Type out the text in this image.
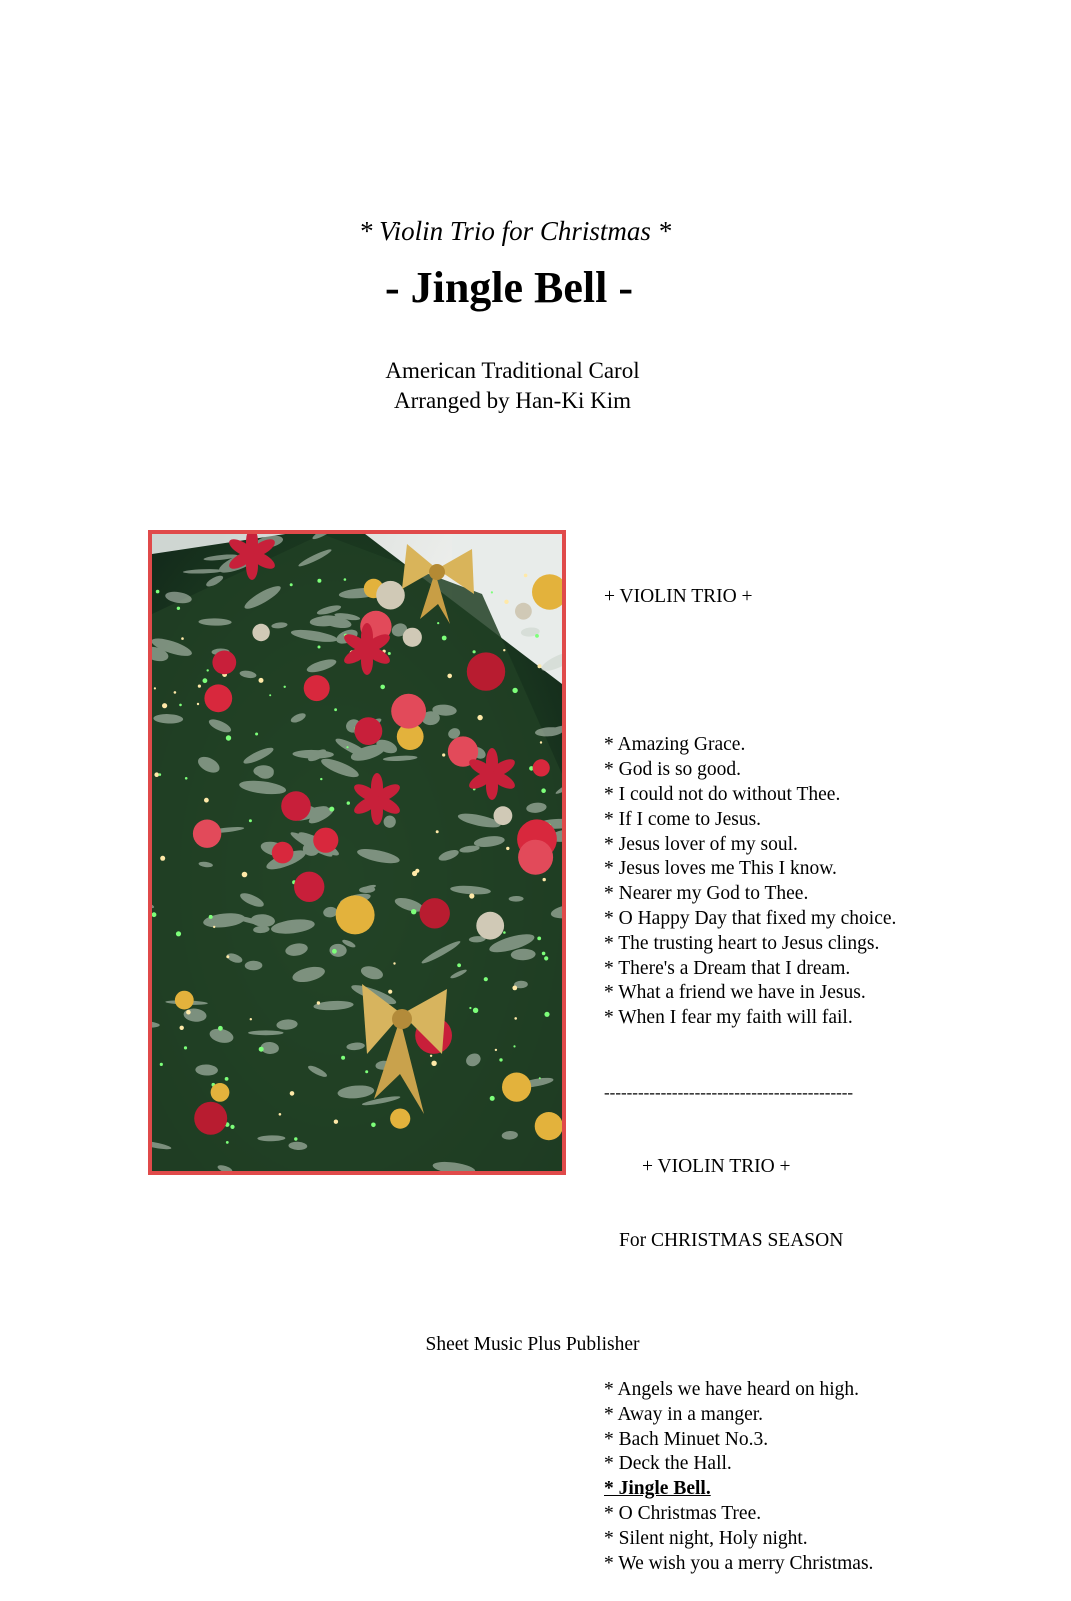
* Violin Trio for Christmas *
- Jingle Bell -
American Traditional Carol
Arranged by Han-Ki Kim

+ VIOLIN TRIO +

* Amazing Grace.
* God is so good.
* I could not do without Thee.
* If I come to Jesus.
* Jesus lover of my soul.
* Jesus loves me This I know.
* Nearer my God to Thee.
* O Happy Day that fixed my choice.
* The trusting heart to Jesus clings.
* There's a Dream that I dream.
* What a friend we have in Jesus.
* When I fear my faith will fail.

--------------------------------------------

+ VIOLIN TRIO +

For CHRISTMAS SEASON

* Angels we have heard on high.
* Away in a manger.
* Bach Minuet No.3.
* Deck the Hall.
* Jingle Bell.
* O Christmas Tree.
* Silent night, Holy night.
* We wish you a merry Christmas.

Sheet Music Plus Publisher
